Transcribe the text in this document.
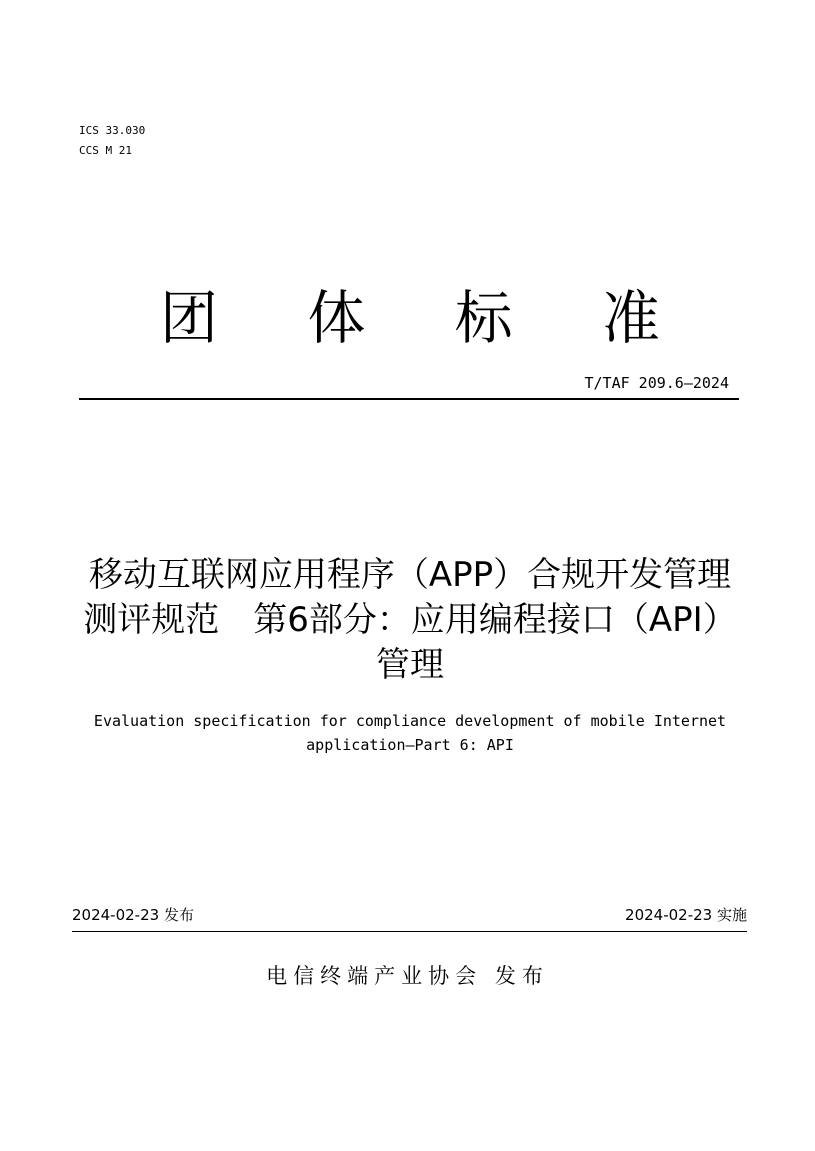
ICS 33.030
CCS M 21
团 体 标 准
T/TAF 209.6—2024
移动互联网应用程序（APP）合规开发管理
测评规范　第6部分：应用编程接口（API）
管理
Evaluation specification for compliance development of mobile Internet
application—Part 6: API
2024-02-23 发布	2024-02-23 实施
电信终端产业协会 发布
